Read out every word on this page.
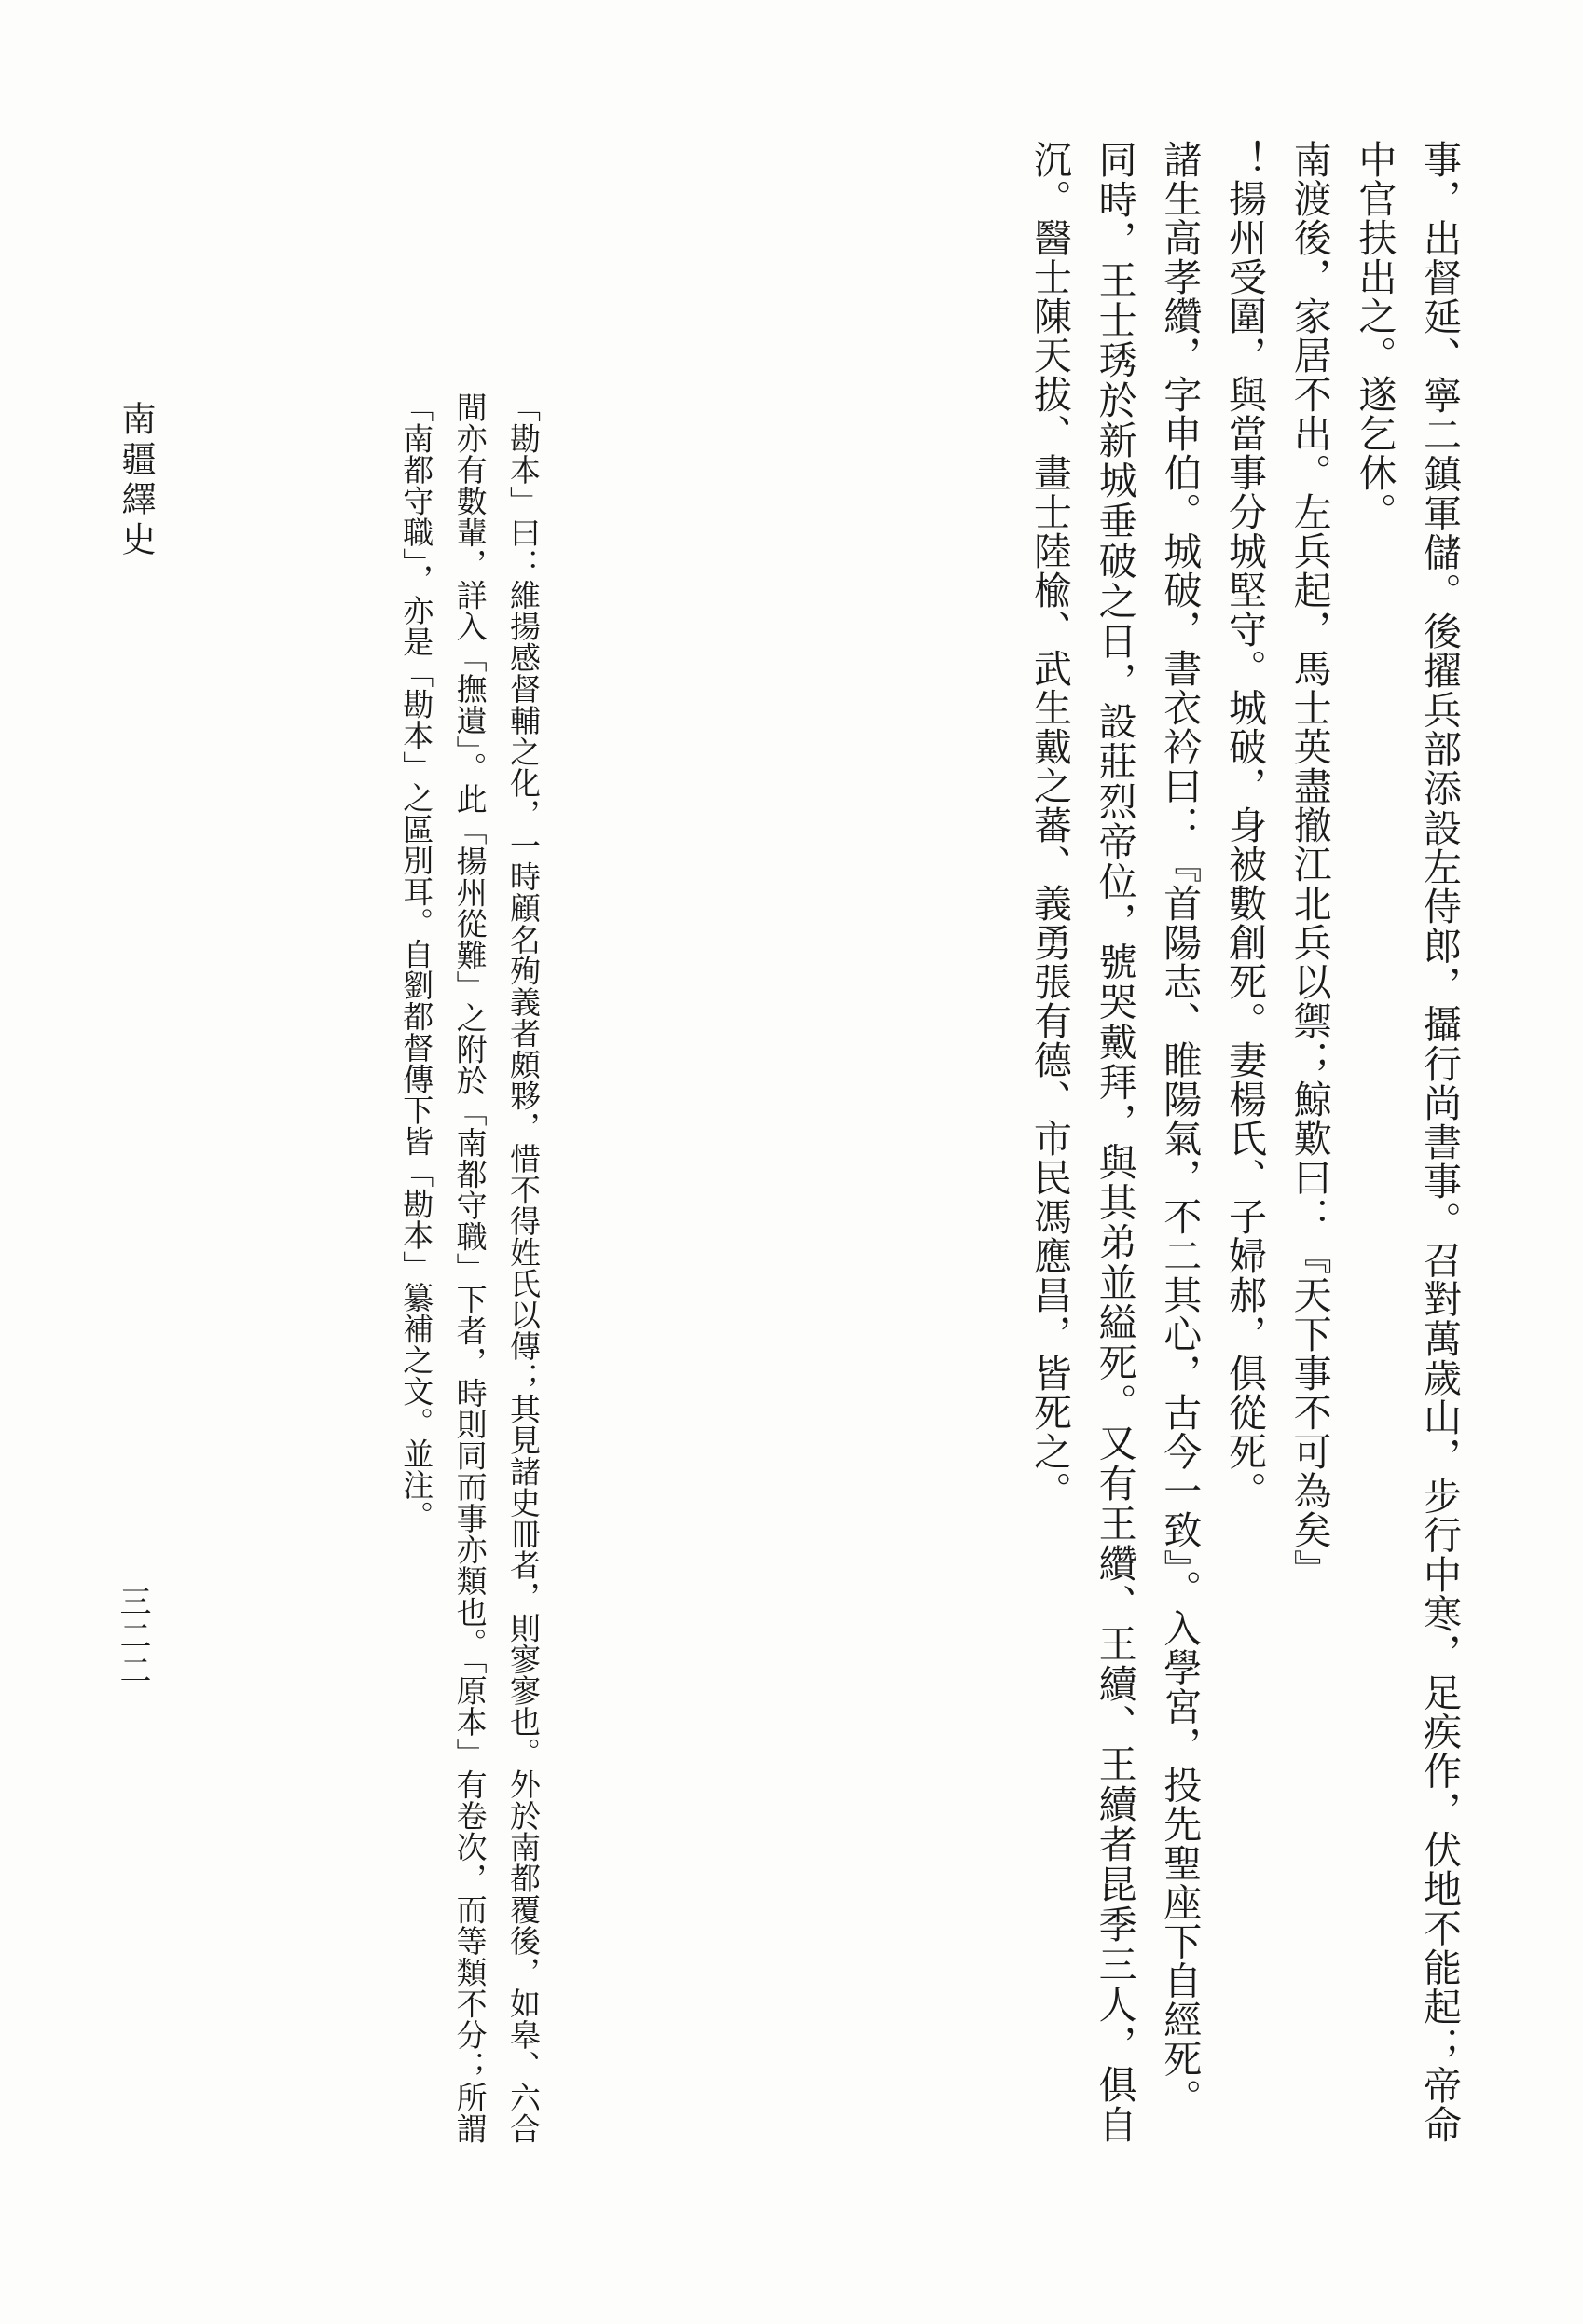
南疆繹史
三二二	事，出督延、寧二鎮軍儲。後擢兵部添設左侍郎，攝行尚書事。召對萬歲山，步行中寒，足疾作，伏地不能起；帝命中官扶出之。遂乞休。
南渡後，家居不出。左兵起，馬士英盡撤江北兵以禦；鯨歎曰：『天下事不可為矣』
！揚州受圍，與當事分城堅守。城破，身被數創死。妻楊氏、子婦郝，俱從死。
諸生高孝纘，字申伯。城破，書衣衿曰：『首陽志、睢陽氣，不二其心，古今一致』。入學宮，投先聖座下自經死。
同時，王士琇於新城垂破之日，設莊烈帝位，號哭戴拜，與其弟並縊死。又有王纘、王續、王續者昆季三人，俱自沉。醫士陳天拔、畫士陸楡、武生戴之蕃、義勇張有德、市民馮應昌，皆死之。
「勘本」曰：維揚感督輔之化，一時顧名殉義者頗夥，惜不得姓氏以傳；其見諸史冊者，則寥寥也。外於南都覆後，如皋、六合間亦有數輩，詳入「撫遺」。此「揚州從難」之附於「南都守職」下者，時則同而事亦類也。「原本」有卷次，而等類不分；所謂「南都守職」，亦是「勘本」之區別耳。自劉都督傳下皆「勘本」纂補之文。並注。
